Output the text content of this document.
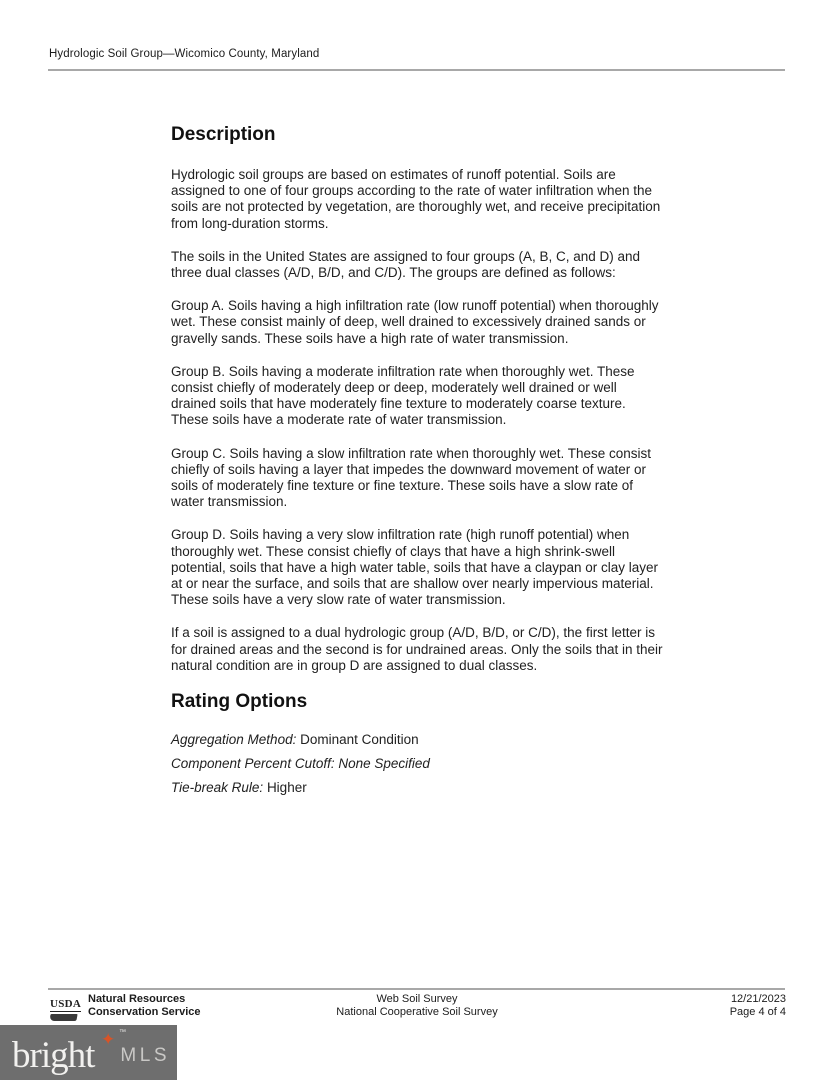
Hydrologic Soil Group—Wicomico County, Maryland
Description

Hydrologic soil groups are based on estimates of runoff potential. Soils are assigned to one of four groups according to the rate of water infiltration when the soils are not protected by vegetation, are thoroughly wet, and receive precipitation from long-duration storms.

The soils in the United States are assigned to four groups (A, B, C, and D) and three dual classes (A/D, B/D, and C/D). The groups are defined as follows:

Group A. Soils having a high infiltration rate (low runoff potential) when thoroughly wet. These consist mainly of deep, well drained to excessively drained sands or gravelly sands. These soils have a high rate of water transmission.

Group B. Soils having a moderate infiltration rate when thoroughly wet. These consist chiefly of moderately deep or deep, moderately well drained or well drained soils that have moderately fine texture to moderately coarse texture. These soils have a moderate rate of water transmission.

Group C. Soils having a slow infiltration rate when thoroughly wet. These consist chiefly of soils having a layer that impedes the downward movement of water or soils of moderately fine texture or fine texture. These soils have a slow rate of water transmission.

Group D. Soils having a very slow infiltration rate (high runoff potential) when thoroughly wet. These consist chiefly of clays that have a high shrink-swell potential, soils that have a high water table, soils that have a claypan or clay layer at or near the surface, and soils that are shallow over nearly impervious material. These soils have a very slow rate of water transmission.

If a soil is assigned to a dual hydrologic group (A/D, B/D, or C/D), the first letter is for drained areas and the second is for undrained areas. Only the soils that in their natural condition are in group D are assigned to dual classes.

Rating Options
Aggregation Method: Dominant Condition
Component Percent Cutoff: None Specified
Tie-break Rule: Higher
USDA Natural Resources
Conservation Service
Web Soil Survey
National Cooperative Soil Survey
12/21/2023
Page 4 of 4
bright ✦ ™
MLS
